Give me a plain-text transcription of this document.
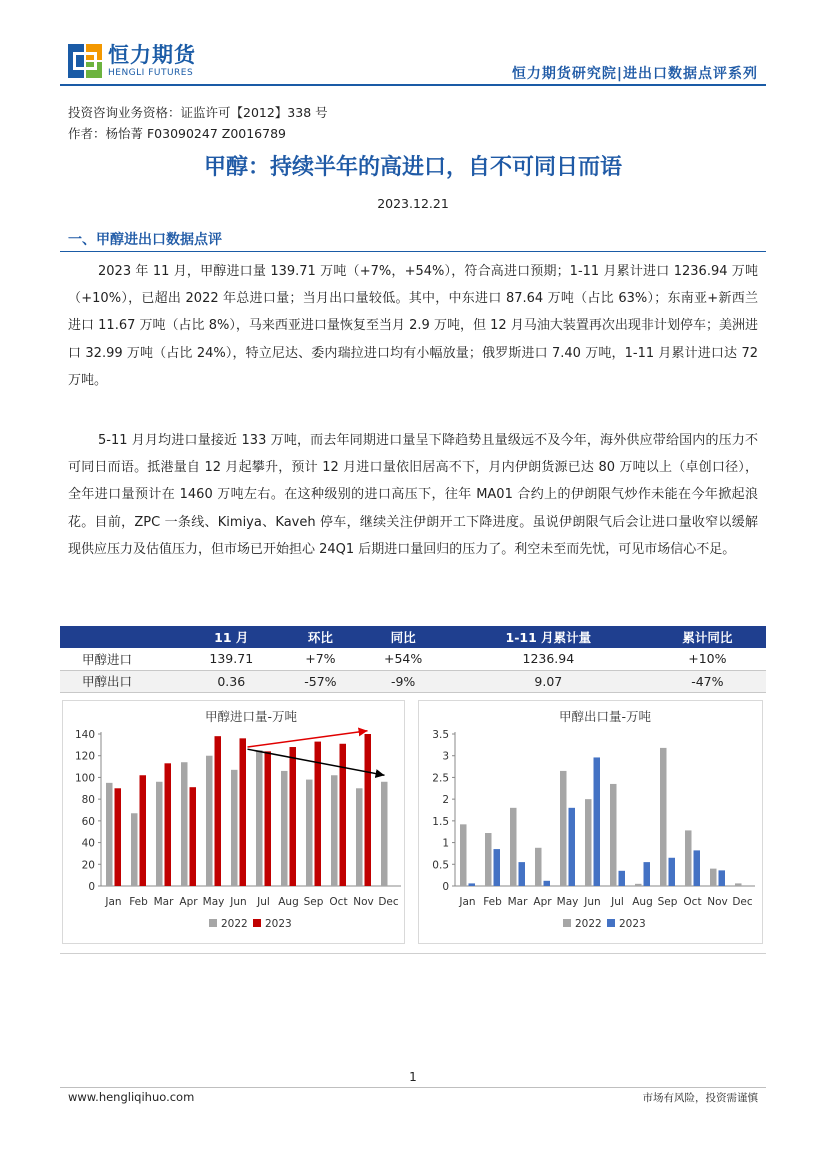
恒力期货
HENGLI FUTURES	恒力期货研究院|进出口数据点评系列
投资咨询业务资格：证监许可【2012】338 号
作者：杨怡菁 F03090247 Z0016789
甲醇：持续半年的高进口，自不可同日而语
2023.12.21
一、甲醇进出口数据点评
2023 年 11 月，甲醇进口量 139.71 万吨（+7%，+54%），符合高进口预期；1-11 月累计进口 1236.94 万吨（+10%），已超出 2022 年总进口量；当月出口量较低。其中，中东进口 87.64 万吨（占比 63%）；东南亚+新西兰进口 11.67 万吨（占比 8%），马来西亚进口量恢复至当月 2.9 万吨，但 12 月马油大装置再次出现非计划停车；美洲进口 32.99 万吨（占比 24%），特立尼达、委内瑞拉进口均有小幅放量；俄罗斯进口 7.40 万吨，1-11 月累计进口达 72 万吨。
5-11 月月均进口量接近 133 万吨，而去年同期进口量呈下降趋势且量级远不及今年，海外供应带给国内的压力不可同日而语。抵港量自 12 月起攀升，预计 12 月进口量依旧居高不下，月内伊朗货源已达 80 万吨以上（卓创口径），全年进口量预计在 1460 万吨左右。在这种级别的进口高压下，往年 MA01 合约上的伊朗限气炒作未能在今年掀起浪花。目前，ZPC 一条线、Kimiya、Kaveh 停车，继续关注伊朗开工下降进度。虽说伊朗限气后会让进口量收窄以缓解现供应压力及估值压力，但市场已开始担心 24Q1 后期进口量回归的压力了。利空未至而先忧，可见市场信心不足。
	11 月	环比	同比	1-11 月累计量	累计同比
甲醇进口	139.71	+7%	+54%	1236.94	+10%
甲醇出口	0.36	-57%	-9%	9.07	-47%
甲醇进口量-万吨
0
20
40
60
80
100
120
140
Jan Feb Mar Apr May Jun Jul Aug Sep Oct Nov Dec
2022 2023
甲醇出口量-万吨
0
0.5
1
1.5
2
2.5
3
3.5
Jan Feb Mar Apr May Jun Jul Aug Sep Oct Nov Dec
2022 2023
1
www.hengliqihuo.com	市场有风险，投资需谨慎
